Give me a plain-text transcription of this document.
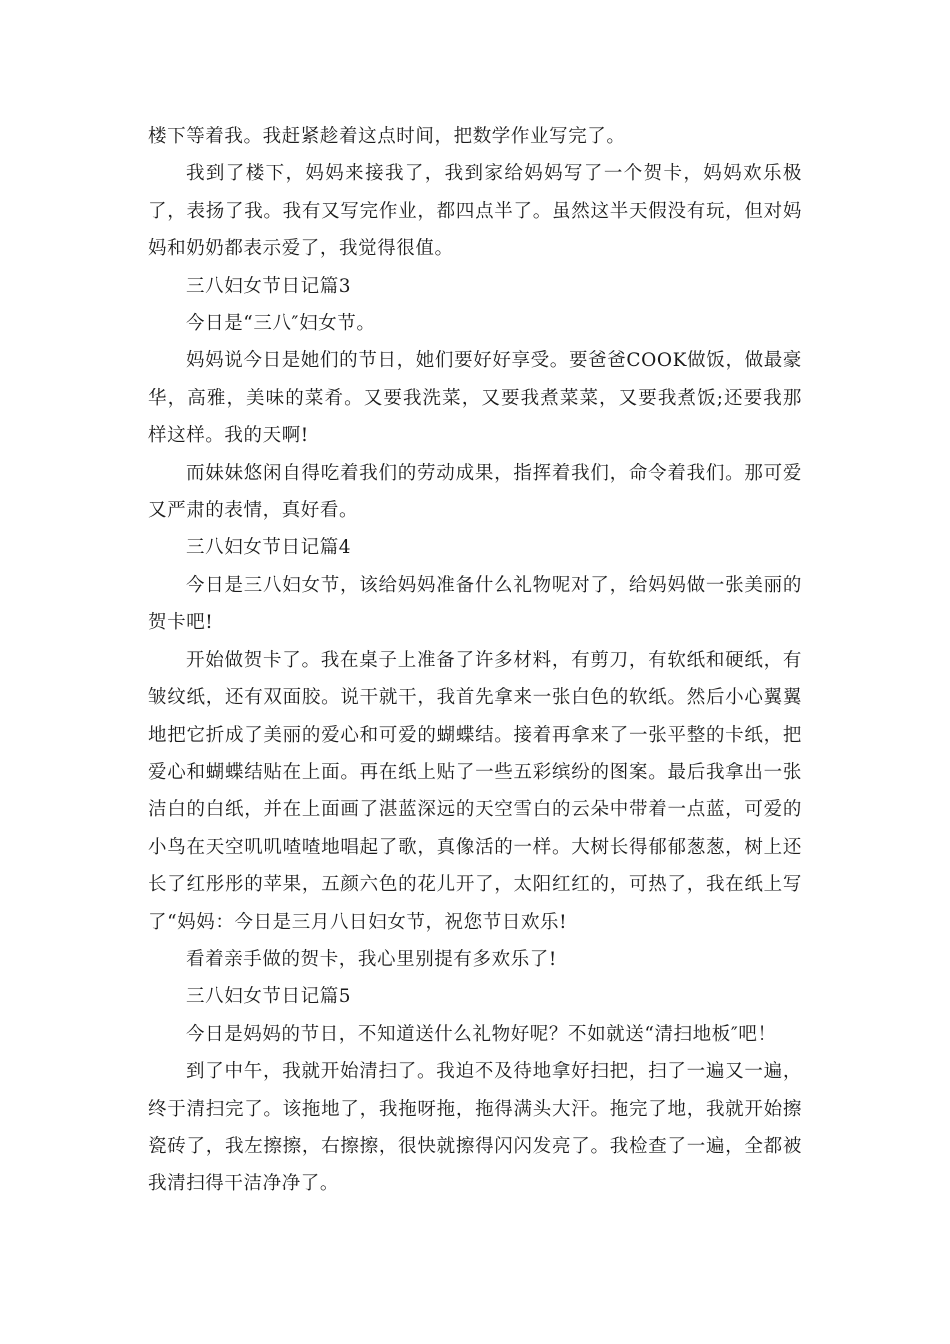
楼下等着我。我赶紧趁着这点时间，把数学作业写完了。

我到了楼下，妈妈来接我了，我到家给妈妈写了一个贺卡，妈妈欢乐极了，表扬了我。我有又写完作业，都四点半了。虽然这半天假没有玩，但对妈妈和奶奶都表示爱了，我觉得很值。

三八妇女节日记篇3

今日是“三八″妇女节。

妈妈说今日是她们的节日，她们要好好享受。要爸爸COOK做饭，做最豪华，高雅，美味的菜肴。又要我洗菜，又要我煮菜菜，又要我煮饭;还要我那样这样。我的天啊!

而妹妹悠闲自得吃着我们的劳动成果，指挥着我们，命令着我们。那可爱又严肃的表情，真好看。

三八妇女节日记篇4

今日是三八妇女节，该给妈妈准备什么礼物呢对了，给妈妈做一张美丽的贺卡吧!

开始做贺卡了。我在桌子上准备了许多材料，有剪刀，有软纸和硬纸，有皱纹纸，还有双面胶。说干就干，我首先拿来一张白色的软纸。然后小心翼翼地把它折成了美丽的爱心和可爱的蝴蝶结。接着再拿来了一张平整的卡纸，把爱心和蝴蝶结贴在上面。再在纸上贴了一些五彩缤纷的图案。最后我拿出一张洁白的白纸，并在上面画了湛蓝深远的天空雪白的云朵中带着一点蓝，可爱的小鸟在天空叽叽喳喳地唱起了歌，真像活的一样。大树长得郁郁葱葱，树上还长了红彤彤的苹果，五颜六色的花儿开了，太阳红红的，可热了，我在纸上写了“妈妈：今日是三月八日妇女节，祝您节日欢乐!

看着亲手做的贺卡，我心里别提有多欢乐了!

三八妇女节日记篇5

今日是妈妈的节日，不知道送什么礼物好呢？不如就送“清扫地板″吧！

到了中午，我就开始清扫了。我迫不及待地拿好扫把，扫了一遍又一遍，终于清扫完了。该拖地了，我拖呀拖，拖得满头大汗。拖完了地，我就开始擦瓷砖了，我左擦擦，右擦擦，很快就擦得闪闪发亮了。我检查了一遍，全都被我清扫得干洁净净了。
